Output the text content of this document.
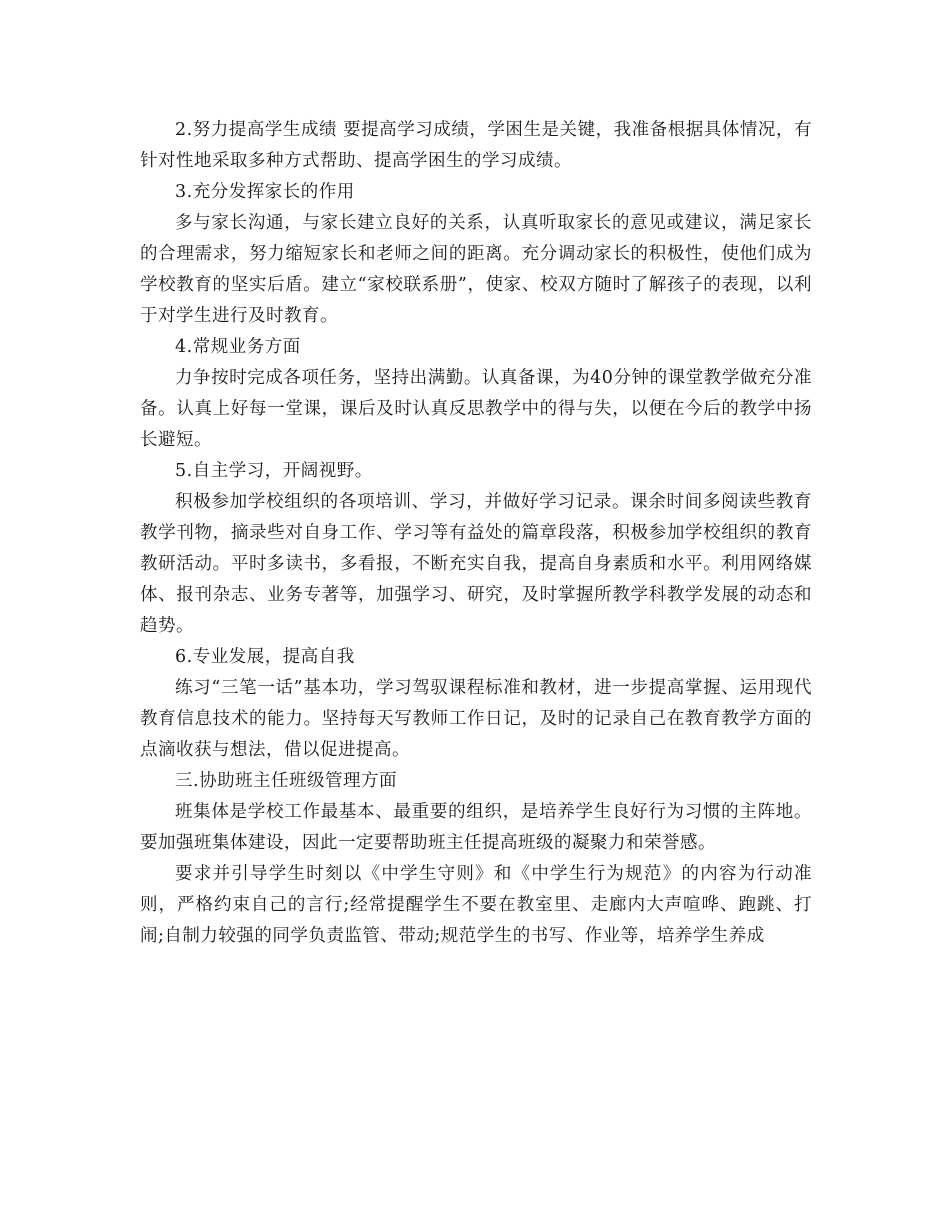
2.努力提高学生成绩 要提高学习成绩，学困生是关键，我准备根据具体情况，有针对性地采取多种方式帮助、提高学困生的学习成绩。

3.充分发挥家长的作用

多与家长沟通，与家长建立良好的关系，认真听取家长的意见或建议，满足家长的合理需求，努力缩短家长和老师之间的距离。充分调动家长的积极性，使他们成为学校教育的坚实后盾。建立“家校联系册”，使家、校双方随时了解孩子的表现，以利于对学生进行及时教育。

4.常规业务方面

力争按时完成各项任务，坚持出满勤。认真备课，为40分钟的课堂教学做充分准备。认真上好每一堂课，课后及时认真反思教学中的得与失，以便在今后的教学中扬长避短。

5.自主学习，开阔视野。

积极参加学校组织的各项培训、学习，并做好学习记录。课余时间多阅读些教育教学刊物，摘录些对自身工作、学习等有益处的篇章段落，积极参加学校组织的教育教研活动。平时多读书，多看报，不断充实自我，提高自身素质和水平。利用网络媒体、报刊杂志、业务专著等，加强学习、研究，及时掌握所教学科教学发展的动态和趋势。

6.专业发展，提高自我

练习“三笔一话”基本功，学习驾驭课程标准和教材，进一步提高掌握、运用现代教育信息技术的能力。坚持每天写教师工作日记，及时的记录自己在教育教学方面的点滴收获与想法，借以促进提高。

三.协助班主任班级管理方面

班集体是学校工作最基本、最重要的组织，是培养学生良好行为习惯的主阵地。要加强班集体建设，因此一定要帮助班主任提高班级的凝聚力和荣誉感。

要求并引导学生时刻以《中学生守则》和《中学生行为规范》的内容为行动准则，严格约束自己的言行;经常提醒学生不要在教室里、走廊内大声喧哗、跑跳、打闹;自制力较强的同学负责监管、带动;规范学生的书写、作业等，培养学生养成
